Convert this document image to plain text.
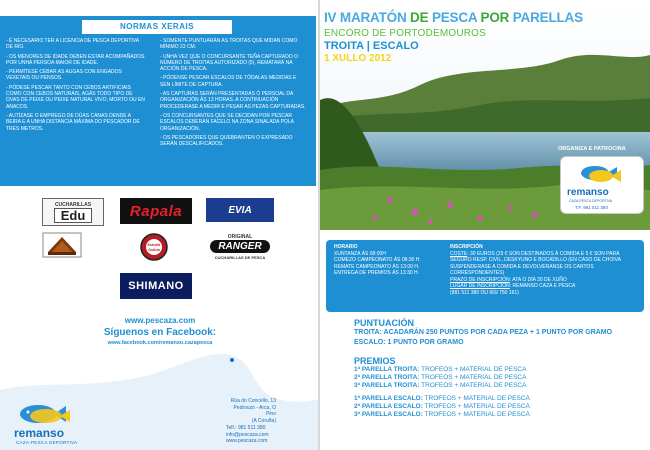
NORMAS XERAIS

- É NECESARIO TER A LICENCIA DE PESCA DEPORTIVA DE RÍO.

- OS MENORES DE IDADE DEBEN ESTAR ACOMPAÑADOS POR UNHA PERSOA MAIOR DE IDADE.

- PERMÍTESE CEBAR AS AUGAS CON ENGADOS VEXETAIS OU PENSOS.

- PÓDESE PESCAR TANTO CON CEBOS ARTIFICIAIS COMO CON CEBOS NATURAIS, AGÁS TODO TIPO DE OVAS DE PEIXE OU PEIXE NATURAL VIVO, MORTO OU EN ANACOS.

- AUTÍZASE O EMPREGO DE DÚAS CANAS DENDE A BEIRA E A UNHA DISTANCIA MÁXIMA DO PESCADOR DE TRES METROS.

- SOMENTE PUNTUARÁN AS TROITAS QUE MIDAN COMO MÍNIMO 23 CM.

- UNHA VEZ QUE O CONCURSANTE TEÑA CAPTURADO O NÚMERO DE TROITAS AUTORIZADO (5), REMATARÁ NA ACCIÓN DE PESCA.

- PÓDENSE PESCAR ESCALOS DE TÓDALAS MEDIDAS E SEN LÍMITE DE CAPTURA.

- AS CAPTURAS SERÁN PRESENTADAS Ó PERSOAL DA ORGANIZACIÓN ÁS 13 HORAS. A CONTINUACIÓN PROCEDERASE A MEDIR E PESAR AS PEZAS CAPTURADAS.

- OS CONCURSANTES QUE SE DECIDAN POR PESCAR ESCALOS DEBERÁN FACELO NA ZONA SINALADA POLA ORGANIZACIÓN.

- OS PESCADORES QUE QUEBRANTEN O EXPRESADO SERÁN DESCALIFICADOS.

CUCHARILLAS
Edu	Rapala	EVIA
Estrella
Galicia
ORIGINAL
RANGER
CUCHARILLAS DE PESCA
SHIMANO
www.pescaza.com
Síguenos en Facebook:
www.facebook.com/remanso.cazapesca
remanso
CAZA-PESCA DEPORTIVA
Rúa do Concello, 13
Pedrouzo - Arca, O Pino
(A Coruña)
Telf.: 981 511 380
info@pescaza.com
www.pescaza.com
IV MARATÓN DE PESCA POR PARELLAS
ENCORO DE PORTODEMOUROS
TROITA | ESCALO
1 XULLO 2012
ORGANIZA E PATROCINA
remanso
CAZA-PESCA DEPORTIVA
T.F. 981 511 380
HORARIO
XUNTANZA ÁS 08:00H
COMEZO CAMPEONATO ÁS 08:30 H.
REMATE CAMPEONATO ÁS 13:00 H.
ENTREGA DE PREMIOS ÁS 13:30 H.
INSCRIPCIÓN
COSTE: 30 EUROS (25 € SON DESTINADOS Á COMIDA E 5 € SON PARA SEGURO RESP. CIVIL, DESKYUNO E BOCADILLO (EN CASO DE CHOIVA SUSPENDERASE A COMIDA E DEVOLVERANSE OS CARTOS CORRESPONDENTES)
PRAZO DE INSCRIPCIÓN: ATA O DÍA 30 DE XUÑO
LUGAR DE INSCRIPCIÓN: REMANSO CAZA E PESCA
(981 511 380 OU 669 750 161)
PUNTUACIÓN
TROITA: ACADARÁN 250 PUNTOS POR CADA PEZA + 1 PUNTO POR GRAMO
ESCALO: 1 PUNTO POR GRAMO
PREMIOS
1ª PARELLA TROITA: TROFEOS + MATERIAL DE PESCA
2ª PARELLA TROITA: TROFEOS + MATERIAL DE PESCA
3ª PARELLA TROITA: TROFEOS + MATERIAL DE PESCA
1ª PARELLA ESCALO: TROFEOS + MATERIAL DE PESCA
2ª PARELLA ESCALO: TROFEOS + MATERIAL DE PESCA
3ª PARELLA ESCALO: TROFEOS + MATERIAL DE PESCA
